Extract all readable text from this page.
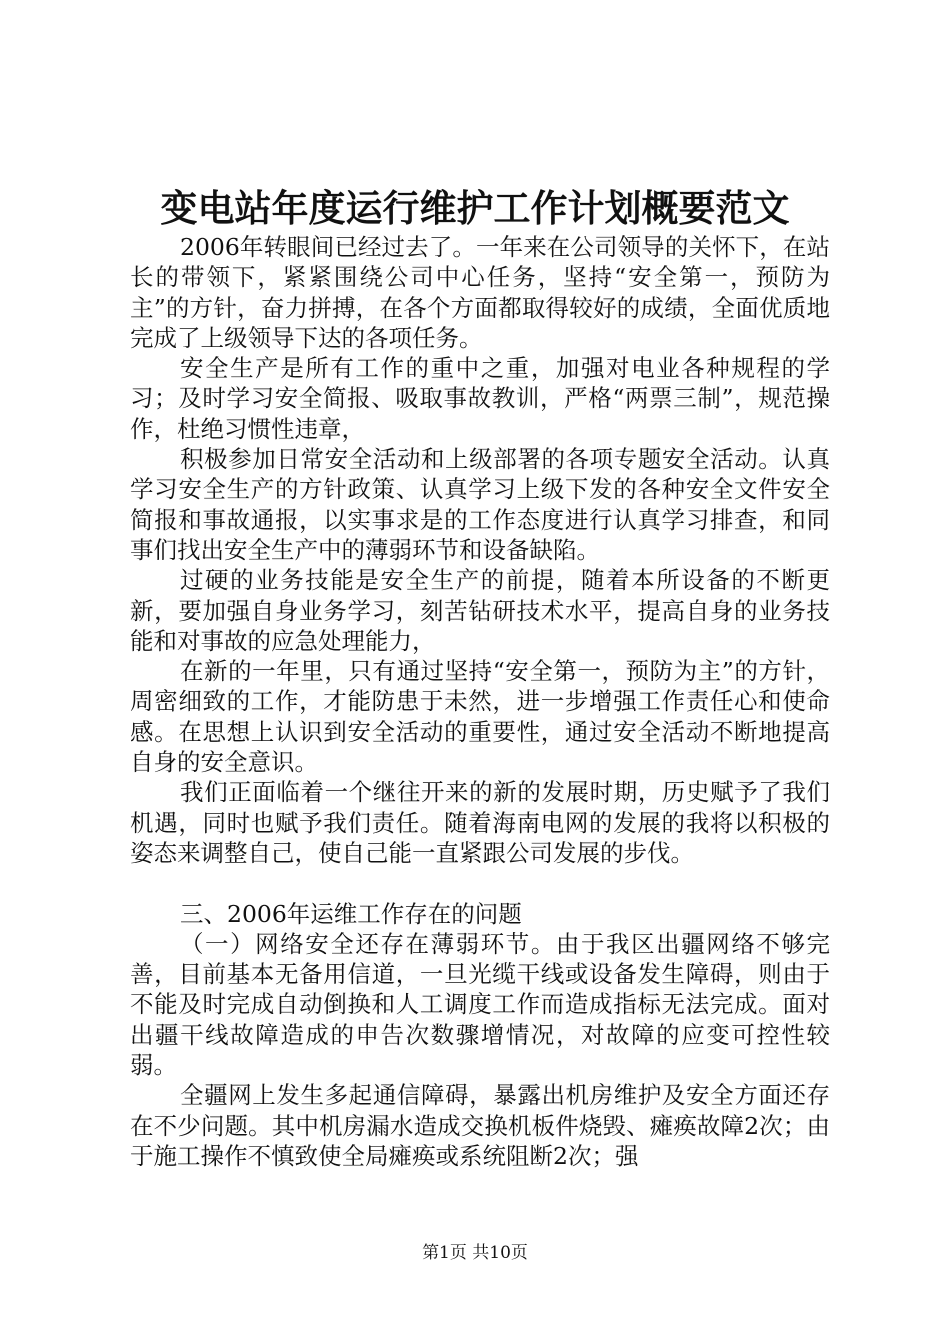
变电站年度运行维护工作计划概要范文

2006年转眼间已经过去了。一年来在公司领导的关怀下，在站长的带领下，紧紧围绕公司中心任务，坚持“安全第一，预防为主”的方针，奋力拼搏，在各个方面都取得较好的成绩，全面优质地完成了上级领导下达的各项任务。

安全生产是所有工作的重中之重，加强对电业各种规程的学习；及时学习安全简报、吸取事故教训，严格“两票三制”，规范操作，杜绝习惯性违章，

积极参加日常安全活动和上级部署的各项专题安全活动。认真学习安全生产的方针政策、认真学习上级下发的各种安全文件安全简报和事故通报，以实事求是的工作态度进行认真学习排查，和同事们找出安全生产中的薄弱环节和设备缺陷。

过硬的业务技能是安全生产的前提，随着本所设备的不断更新，要加强自身业务学习，刻苦钻研技术水平，提高自身的业务技能和对事故的应急处理能力，

在新的一年里，只有通过坚持“安全第一，预防为主”的方针，周密细致的工作，才能防患于未然，进一步增强工作责任心和使命感。在思想上认识到安全活动的重要性，通过安全活动不断地提高自身的安全意识。

我们正面临着一个继往开来的新的发展时期，历史赋予了我们机遇，同时也赋予我们责任。随着海南电网的发展的我将以积极的姿态来调整自己，使自己能一直紧跟公司发展的步伐。

三、2006年运维工作存在的问题

（一）网络安全还存在薄弱环节。由于我区出疆网络不够完善，目前基本无备用信道，一旦光缆干线或设备发生障碍，则由于不能及时完成自动倒换和人工调度工作而造成指标无法完成。面对出疆干线故障造成的申告次数骤增情况，对故障的应变可控性较弱。

全疆网上发生多起通信障碍，暴露出机房维护及安全方面还存在不少问题。其中机房漏水造成交换机板件烧毁、瘫痪故障2次；由于施工操作不慎致使全局瘫痪或系统阻断2次；强

第1页 共10页
